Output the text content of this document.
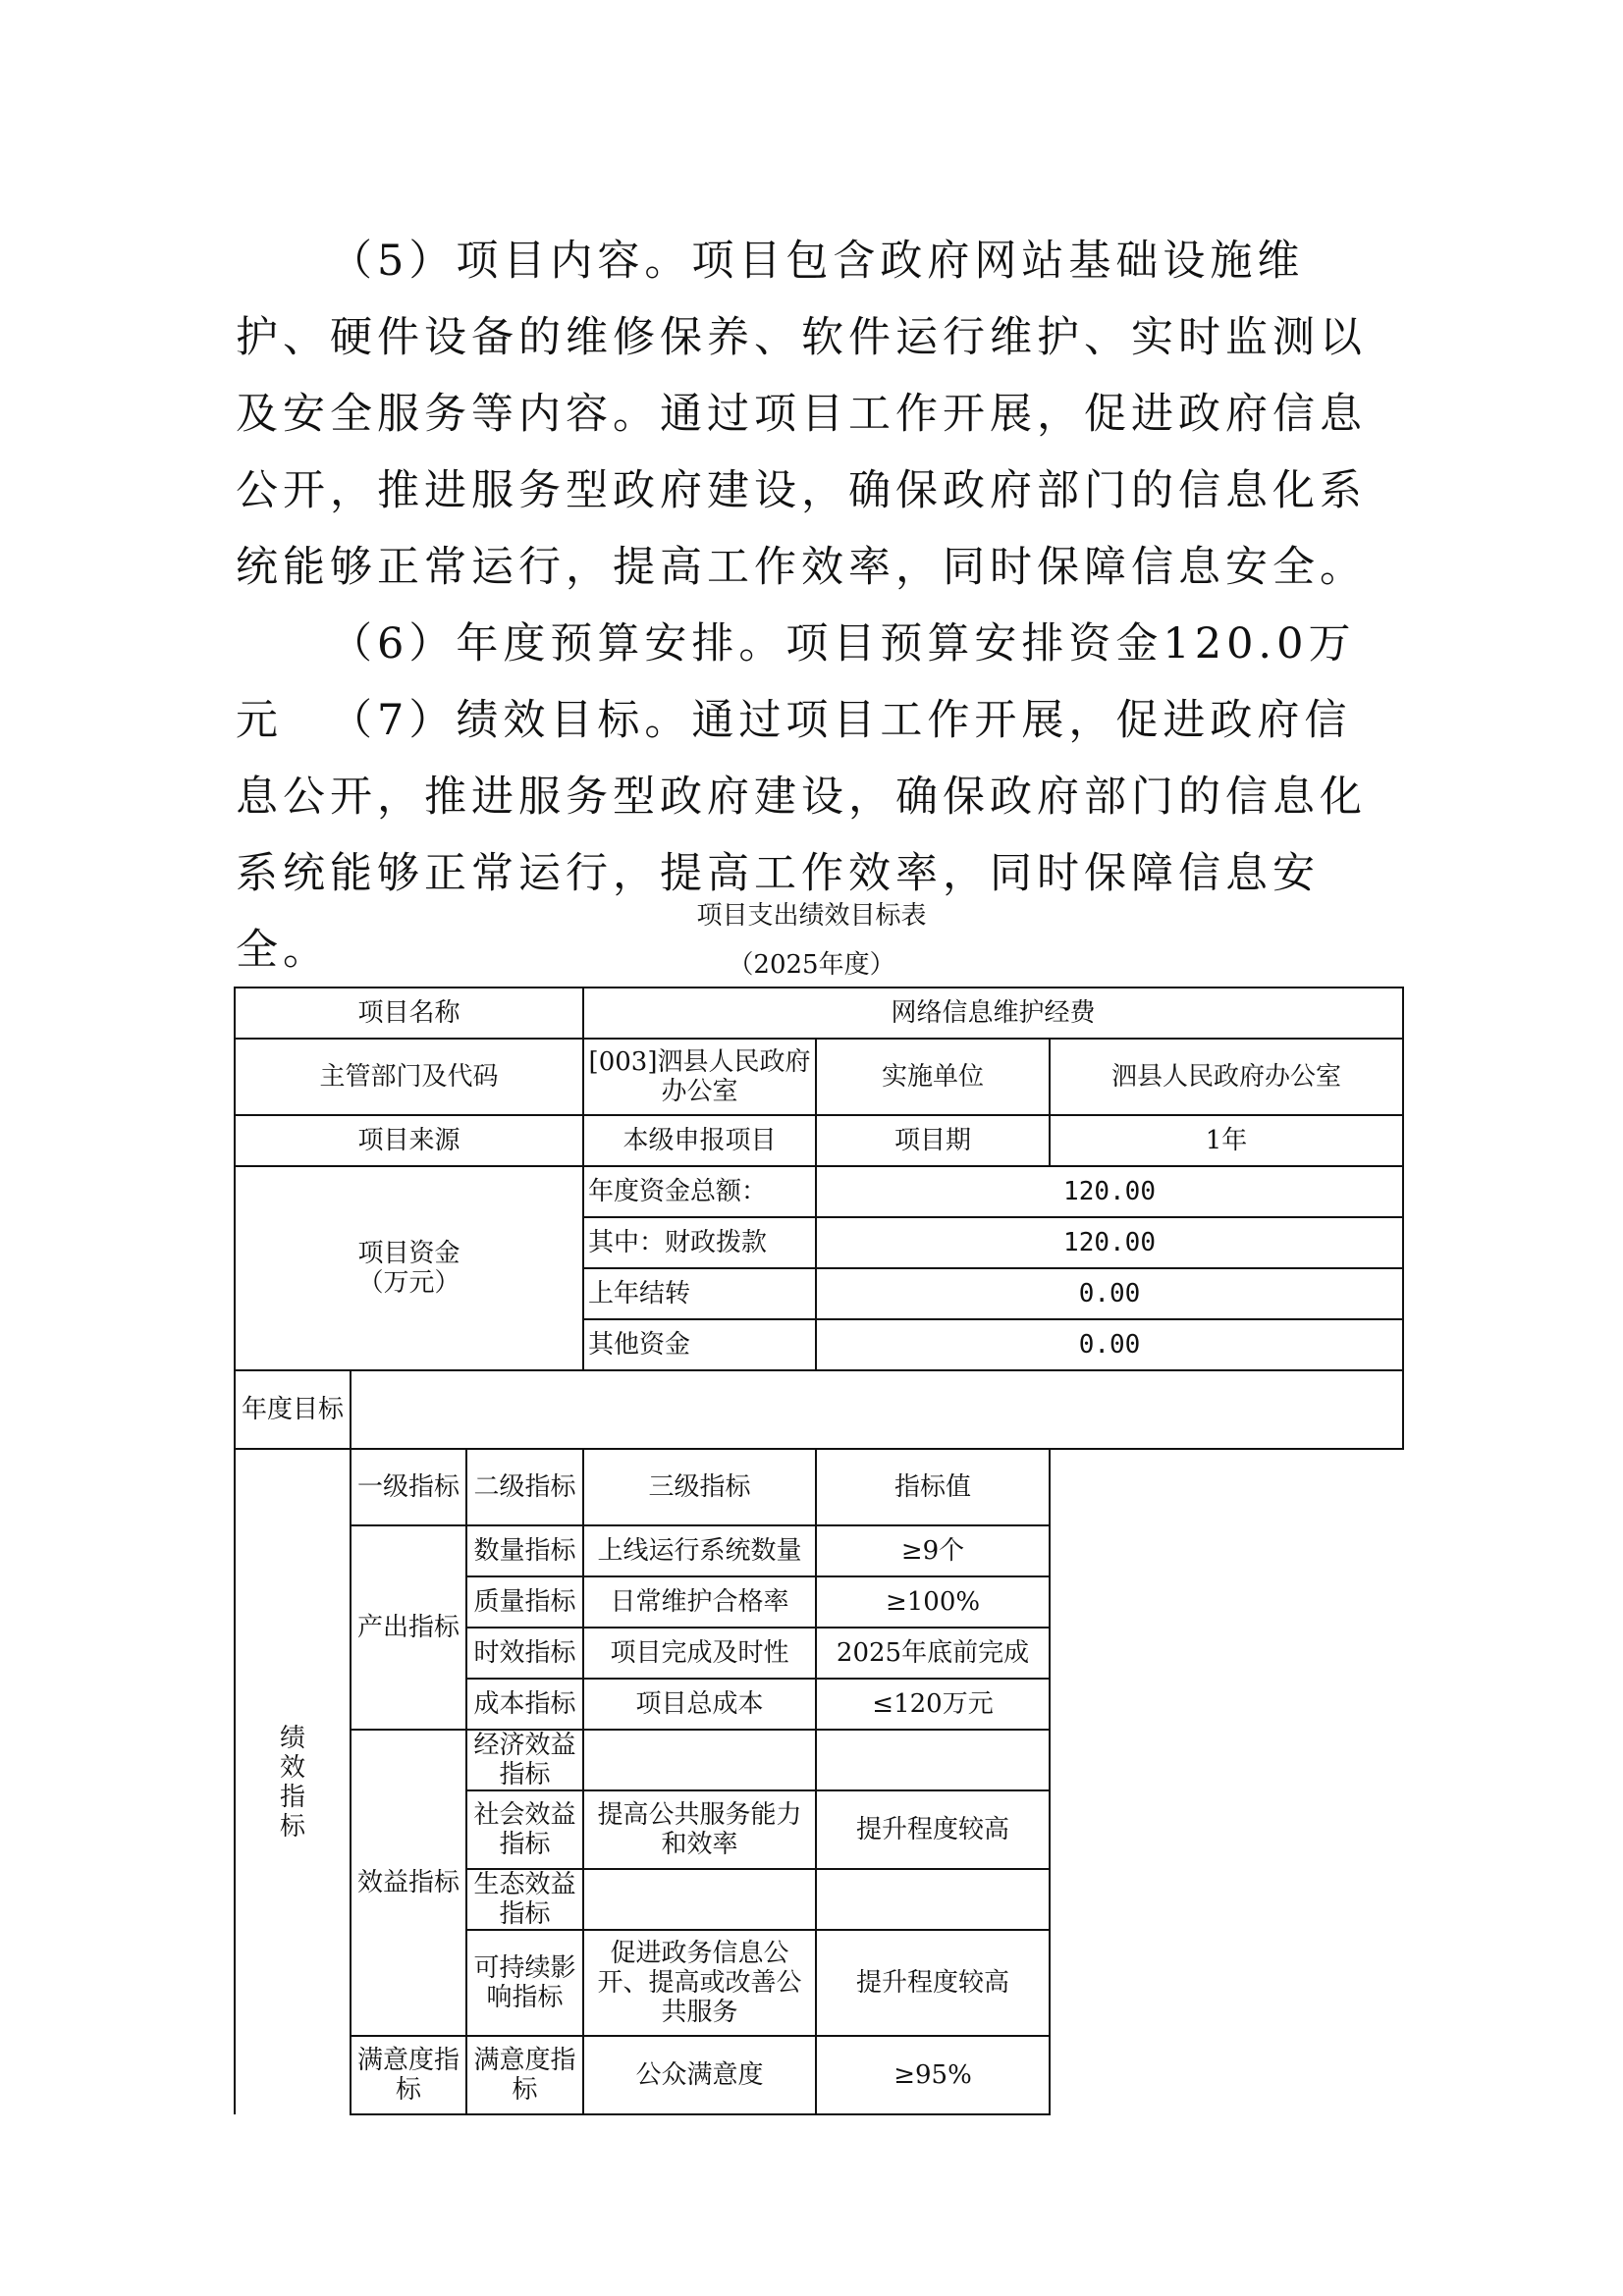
（5）项目内容。项目包含政府网站基础设施维护、硬件设备的维修保养、软件运行维护、实时监测以及安全服务等内容。通过项目工作开展，促进政府信息公开，推进服务型政府建设，确保政府部门的信息化系统能够正常运行，提高工作效率，同时保障信息安全。

（6）年度预算安排。项目预算安排资金120.0万元	（7）绩效目标。通过项目工作开展，促进政府信息公开，推进服务型政府建设，确保政府部门的信息化系统能够正常运行，提高工作效率，同时保障信息安全。

项目支出绩效目标表
（2025年度）
项目名称			网络信息维护经费		
主管部门及代码			[003]泗县人民政府办公室	实施单位	泗县人民政府办公室
项目来源			本级申报项目	项目期	1年

项目资金
（万元）			年度资金总额：	120.00	
			其中：财政拨款	120.00	
			上年结转	0.00	
			其他资金	0.00	
年度目标					

绩效指标	一级指标	二级指标	三级指标	指标值	
	产出指标	数量指标	上线运行系统数量	≥9个	
		质量指标	日常维护合格率	≥100%	
		时效指标	项目完成及时性	2025年底前完成	
		成本指标	项目总成本	≤120万元	
	效益指标	经济效益指标			
		社会效益指标	提高公共服务能力和效率	提升程度较高	
		生态效益指标			
		可持续影响指标	促进政务信息公开、提高或改善公共服务	提升程度较高	
	满意度指标	满意度指标	公众满意度	≥95%	
